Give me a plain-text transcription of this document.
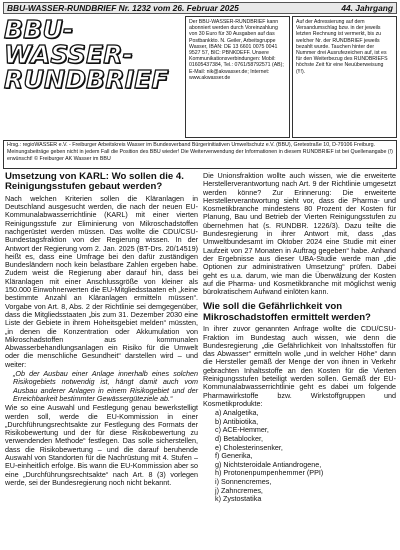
BBU-WASSER-RUNDBRIEF Nr. 1232 vom 26. Februar 2025	44. Jahrgang
BBU-
WASSER-
RUNDBRIEF
Der BBU-WASSER-RUNDBRIEF kann abonniert werden durch Voreinzahlung von 30 Euro für 30 Ausgaben auf das Postbankkto. N. Geiler, Arbeitsgruppe Wasser, IBAN: DE 13 6601 0075 0041 9527 57, BIC: PBNKDEFF. Unsere Kommunikationsverbindungen: Mobil: 01605437384, Tel.: 0761/58792571 (AB); E-Mail: nik@akwasser.de; Internet: www.akwasser.de
Auf der Adressierung auf dem Versandumschlag bzw. in der jeweils letzten Rechnung ist vermerkt, bis zu welcher Nr. der RUNDBRIEF jeweils bezahlt wurde. Tauchen hinter der Nummer drei Ausrufezeichen auf, ist es für den Weiterbezug des RUNDBRIEFS höchste Zeit für eine Neuüberweisung (!!!).
Hrsg.: regioWASSER e.V. - Freiburger Arbeitskreis Wasser im Bundesverband Bürgerinitiativen Umweltschutz e.V. (BBU), Gretestraße 10, D-79106 Freiburg. Meinungsbeiträge geben nicht in jedem Fall die Position des BBU wieder! Die Weiterverwendung der Informationen in diesem RUNDBRIEF ist bei Quellenangabe (!) erwünscht! © Freiburger AK Wasser im BBU
Umsetzung von KARL: Wo sollen die 4. Reinigungsstufen gebaut werden?

Nach welchen Kriterien sollen die Kläranlagen in Deutschland ausgesucht werden, die nach der neuen EU-Kommunalabwasserrichtlinie (KARL) mit einer vierten Reinigungsstufe zur Eliminierung von Mikroschadstoffen nachgerüstet werden müssen. Das wollte die CDU/CSU-Bundestagsfraktion von der Regierung wissen. In der Antwort der Regierung vom 2. Jan. 2025 (BT-Drs. 20/14519) heißt es, dass eine Umfrage bei den dafür zuständigen Bundesländern noch kein belastbare Zahlen ergeben habe. Zudem weist die Regierung aber darauf hin, dass bei Kläranlagen mit einer Anschlussgröße von kleiner als 150.000 Einwohnerwerten die EU-Mitgliedsstaaten eh „keine bestimmte Anzahl an Kläranlagen ermitteln müssen“. Vorgabe von Art. 8, Abs. 2 der Richtlinie sei demgegenüber, dass die Mitgliedsstaaten „bis zum 31. Dezember 2030 eine Liste der Gebiete in ihrem Hoheitsgebiet melden“ müssten, „in denen die Konzentration oder Akkumulation von Mikroschadstoffen aus kommunalen Abwasserbehandlungsanlagen ein Risiko für die Umwelt oder die menschliche Gesundheit“ darstellen wird – und weiter:

„Ob der Ausbau einer Anlage innerhalb eines solchen Risikogebiets notwendig ist, hängt damit auch vom Ausbau anderer Anlagen in einem Risikogebiet und der Erreichbarkeit bestimmter Gewässergüteziele ab.“

Wie so eine Auswahl und Festlegung genau bewerkstelligt werden soll, werde die EU-Kommission in einer „Durchführungsrechtsakte zur Festlegung des Formats der Risikobewertung und der für diese Risikobewertung zu verwendenden Methode“ festlegen. Das solle sicherstellen, dass die Risikobewertung – und die darauf beruhende Auswahl von Standorten für die Nachrüstung mit 4. Stufen – EU-einheitlich erfolge. Bis wann die EU-Kommission aber so eine „Durchführungsrechtsakte“ nach Art. 8 (3) vorlegen werde, sei der Bundesregierung noch nicht bekannt.

Die Unionsfraktion wollte auch wissen, wie die erweiterte Herstellerverantwortung nach Art. 9 der Richtlinie umgesetzt werden könne? Zur Erinnerung: Die erweiterte Herstellerverantwortung sieht vor, dass die Pharma- und Kosmetikbranche mindestens 80 Prozent der Kosten für Planung, Bau und Betrieb der Vierten Reinigungsstufen zu übernehmen hat (s. RUNDBR. 1226/3). Dazu teilte die Bundesregierung in ihrer Antwort mit, dass „das Umweltbundesamt im Oktober 2024 eine Studie mit einer Laufzeit von 27 Monaten in Auftrag gegeben“ habe. Anhand der Ergebnisse aus dieser UBA-Studie werde man „die Optionen zur administrativen Umsetzung“ prüfen. Dabei geht es u.a. darum, wie man die Überwälzung der Kosten auf die Pharma- und Kosmetikbranche mit möglichst wenig bürokratischem Aufwand einlöten kann.

Wie soll die Gefährlichkeit von Mikroschadstoffen ermittelt werden?

In ihrer zuvor genannten Anfrage wollte die CDU/CSU-Fraktion im Bundestag auch wissen, wie denn die Bundesregierung „die Gefährlichkeit von Inhaltsstoffen für das Abwasser“ ermitteln wolle „und in welcher Höhe“ dann die Hersteller gemäß der Menge der von ihnen in Verkehr gebrachten Inhaltsstoffe an den Kosten für die Vierten Reinigungsstufen beteiligt werden sollen. Gemäß der EU-Kommunalabwasserrichtlinie geht es dabei um folgende Pharmawirkstoffe bzw. Wirkstoffgruppen und Kosmetikprodukte:

a) Analgetika,
b) Antibiotika,
c) ACE-Hemmer,
d) Betablocker,
e) Cholesterinsenker,
f) Generika,
g) Nichtsteroidale Antiandrogene,
h) Protonenpumpenhemmer (PPI)
i) Sonnencremes,
j) Zahncremes,
k) Zystostatika
